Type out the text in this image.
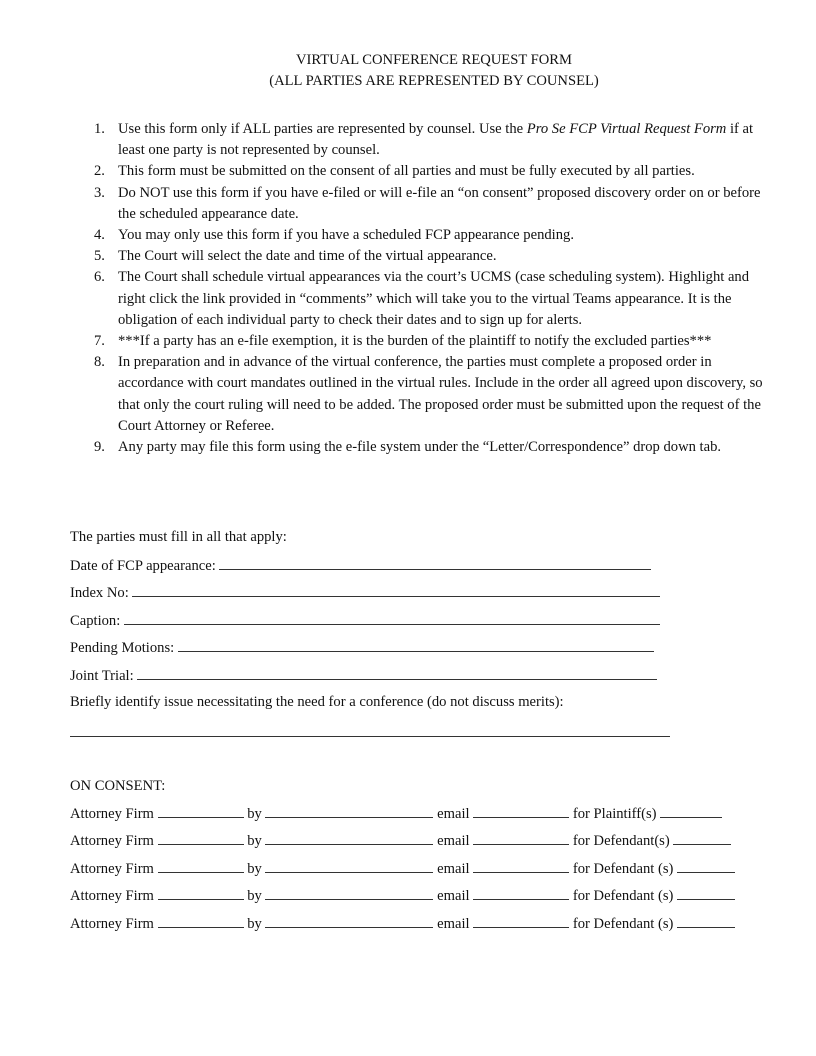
VIRTUAL CONFERENCE REQUEST FORM
(ALL PARTIES ARE REPRESENTED BY COUNSEL)
1. Use this form only if ALL parties are represented by counsel. Use the Pro Se FCP Virtual Request Form if at least one party is not represented by counsel.
2. This form must be submitted on the consent of all parties and must be fully executed by all parties.
3. Do NOT use this form if you have e-filed or will e-file an “on consent” proposed discovery order on or before the scheduled appearance date.
4. You may only use this form if you have a scheduled FCP appearance pending.
5. The Court will select the date and time of the virtual appearance.
6. The Court shall schedule virtual appearances via the court’s UCMS (case scheduling system). Highlight and right click the link provided in “comments” which will take you to the virtual Teams appearance. It is the obligation of each individual party to check their dates and to sign up for alerts.
7. ***If a party has an e-file exemption, it is the burden of the plaintiff to notify the excluded parties***
8. In preparation and in advance of the virtual conference, the parties must complete a proposed order in accordance with court mandates outlined in the virtual rules. Include in the order all agreed upon discovery, so that only the court ruling will need to be added. The proposed order must be submitted upon the request of the Court Attorney or Referee.
9. Any party may file this form using the e-file system under the “Letter/Correspondence” drop down tab.
The parties must fill in all that apply:
Date of FCP appearance:
Index No:
Caption:
Pending Motions:
Joint Trial:
Briefly identify issue necessitating the need for a conference (do not discuss merits):
ON CONSENT:
Attorney Firm	by	email	for Plaintiff(s)
Attorney Firm	by	email	for Defendant(s)
Attorney Firm	by	email	for Defendant (s)
Attorney Firm	by	email	for Defendant (s)
Attorney Firm	by	email	for Defendant (s)
